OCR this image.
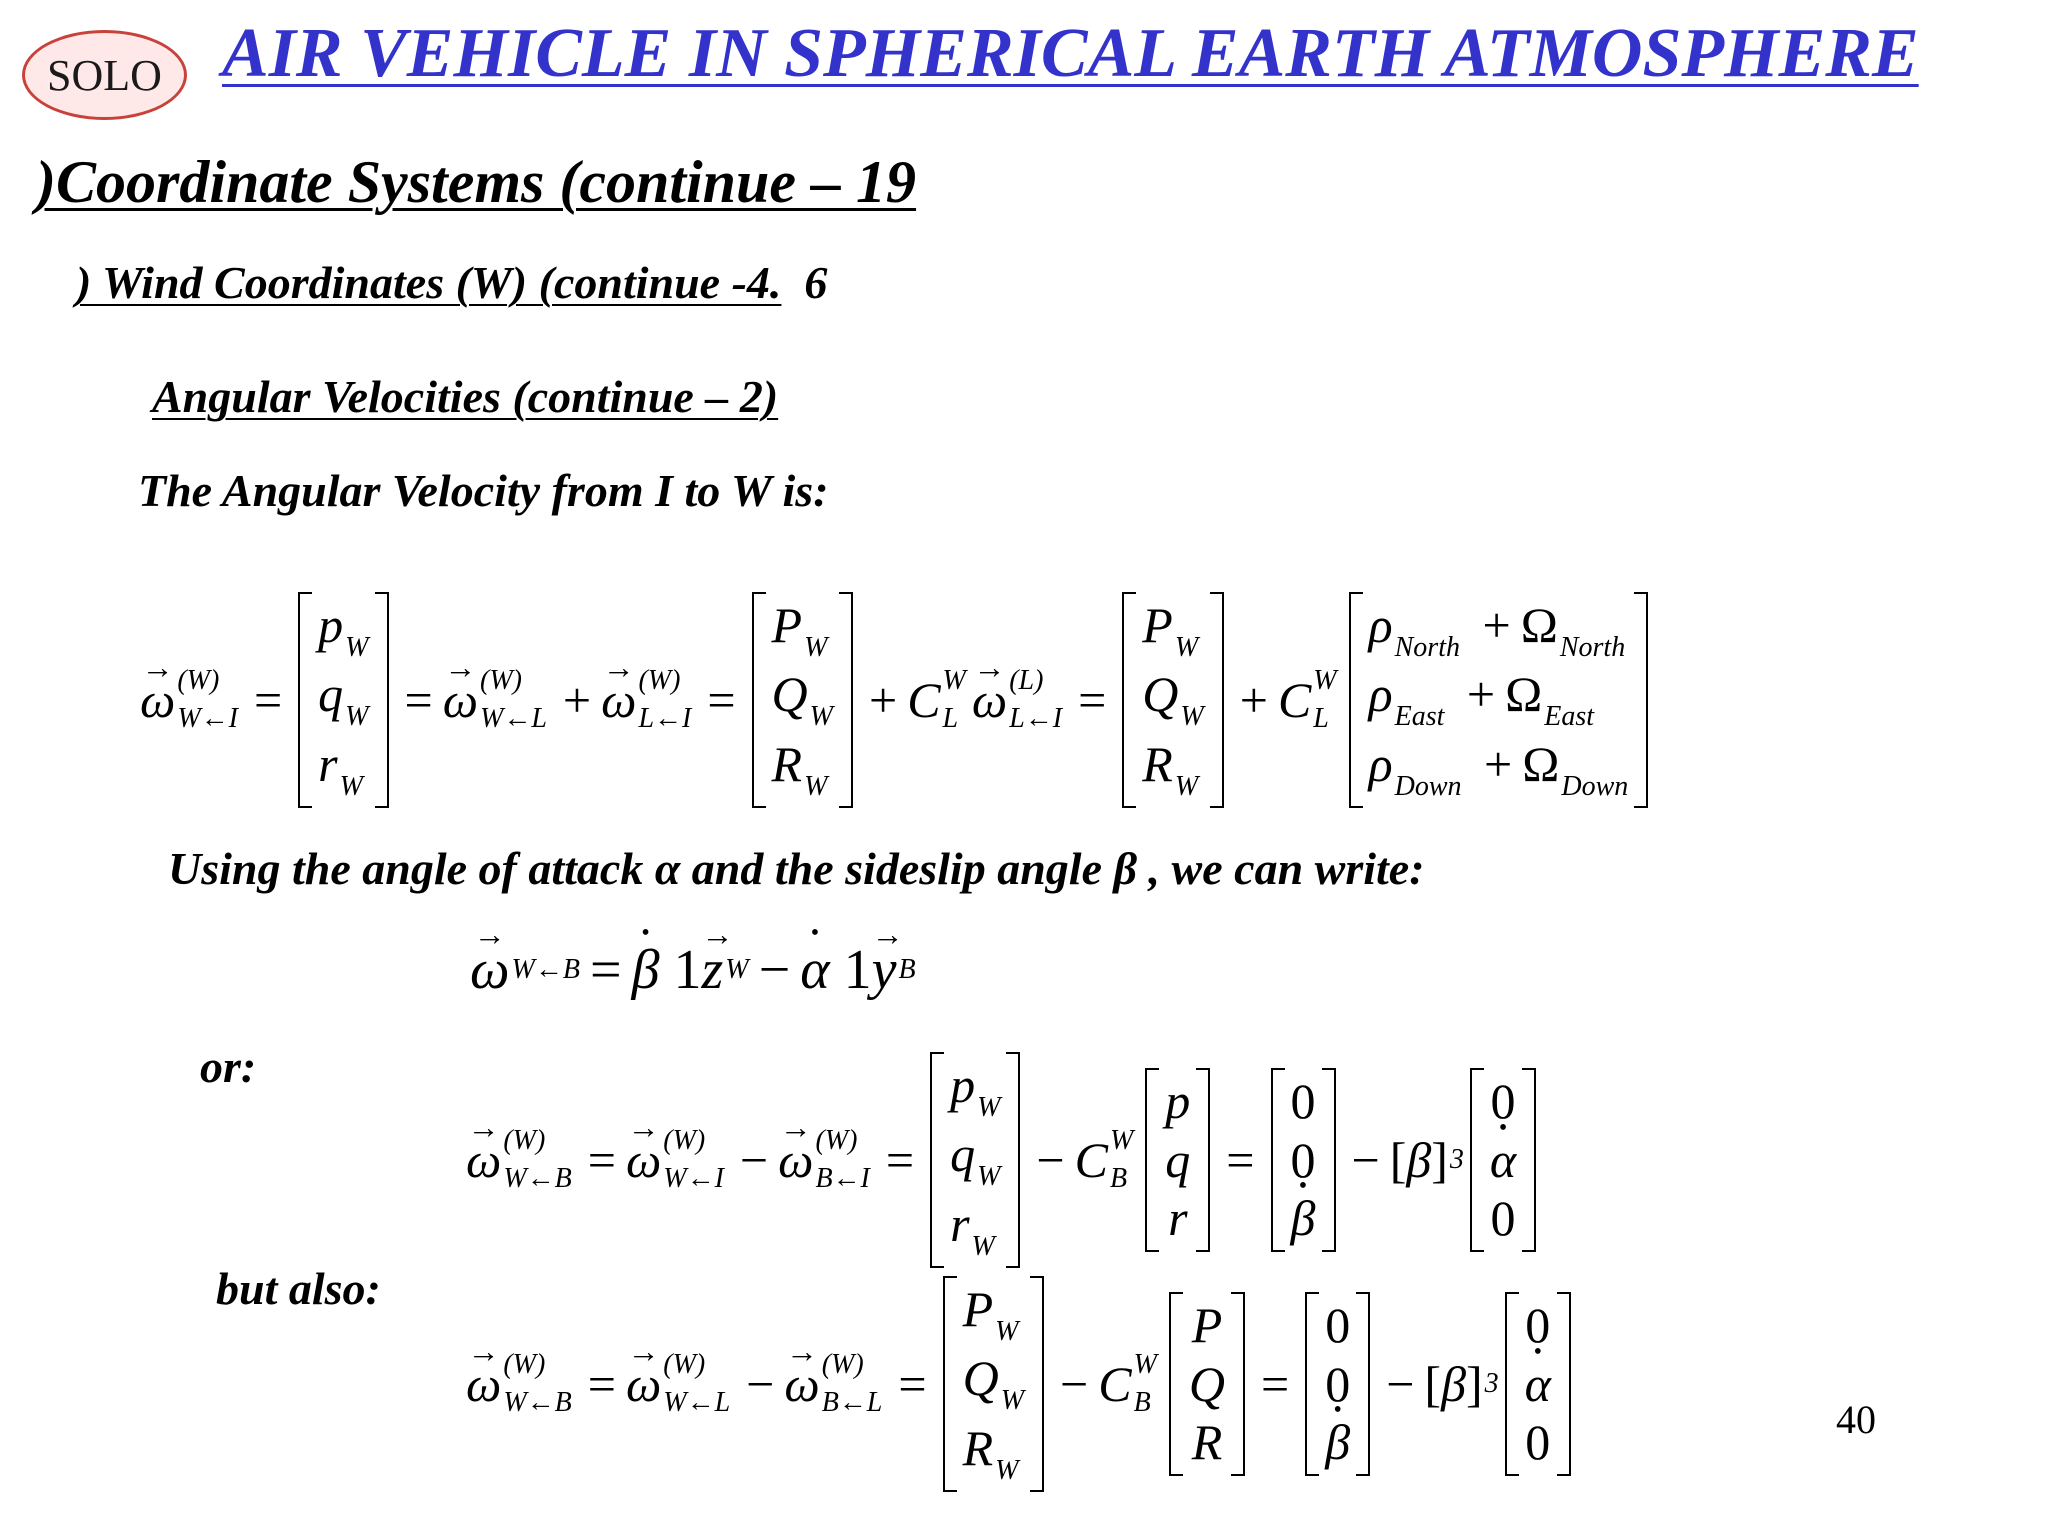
SOLO AIR VEHICLE IN SPHERICAL EARTH ATMOSPHERE
)Coordinate Systems (continue – 19
) Wind Coordinates (W) (continue -4. 6
Angular Velocities (continue – 2)
The Angular Velocity from I to W is:
→ ω (W)
W←I =
$p_W$
$q_W$
$r_W$
= → ω (W)
W←L + → ω (W)
L←I =
$P_W$
$Q_W$
$R_W$
+ C W
L → ω (L)
L←I =
$P_W$
$Q_W$
$R_W$
+ C W
L
$\rho_{North} + \Omega_{North}$
$\rho_{East} + \Omega_{East}$
$\rho_{Down} + \Omega_{Down}$
Using the angle of attack α and the sideslip angle β , we can write:
→ ω W←B = • β 1 → z W − • α 1 → y B
or:
→ ω (W)
W←B = → ω (W)
W←I − → ω (W)
B←I =
$p_W$
$q_W$
$r_W$
− C W
B
p
q
r
=
0
0
• β
− [β] 3
0
• α
0
but also:
→ ω (W)
W←B = → ω (W)
W←L − → ω (W)
B←L =
$P_W$
$Q_W$
$R_W$
− C W
B
P
Q
R
=
0
0
• β
− [β] 3
0
• α
0	40
